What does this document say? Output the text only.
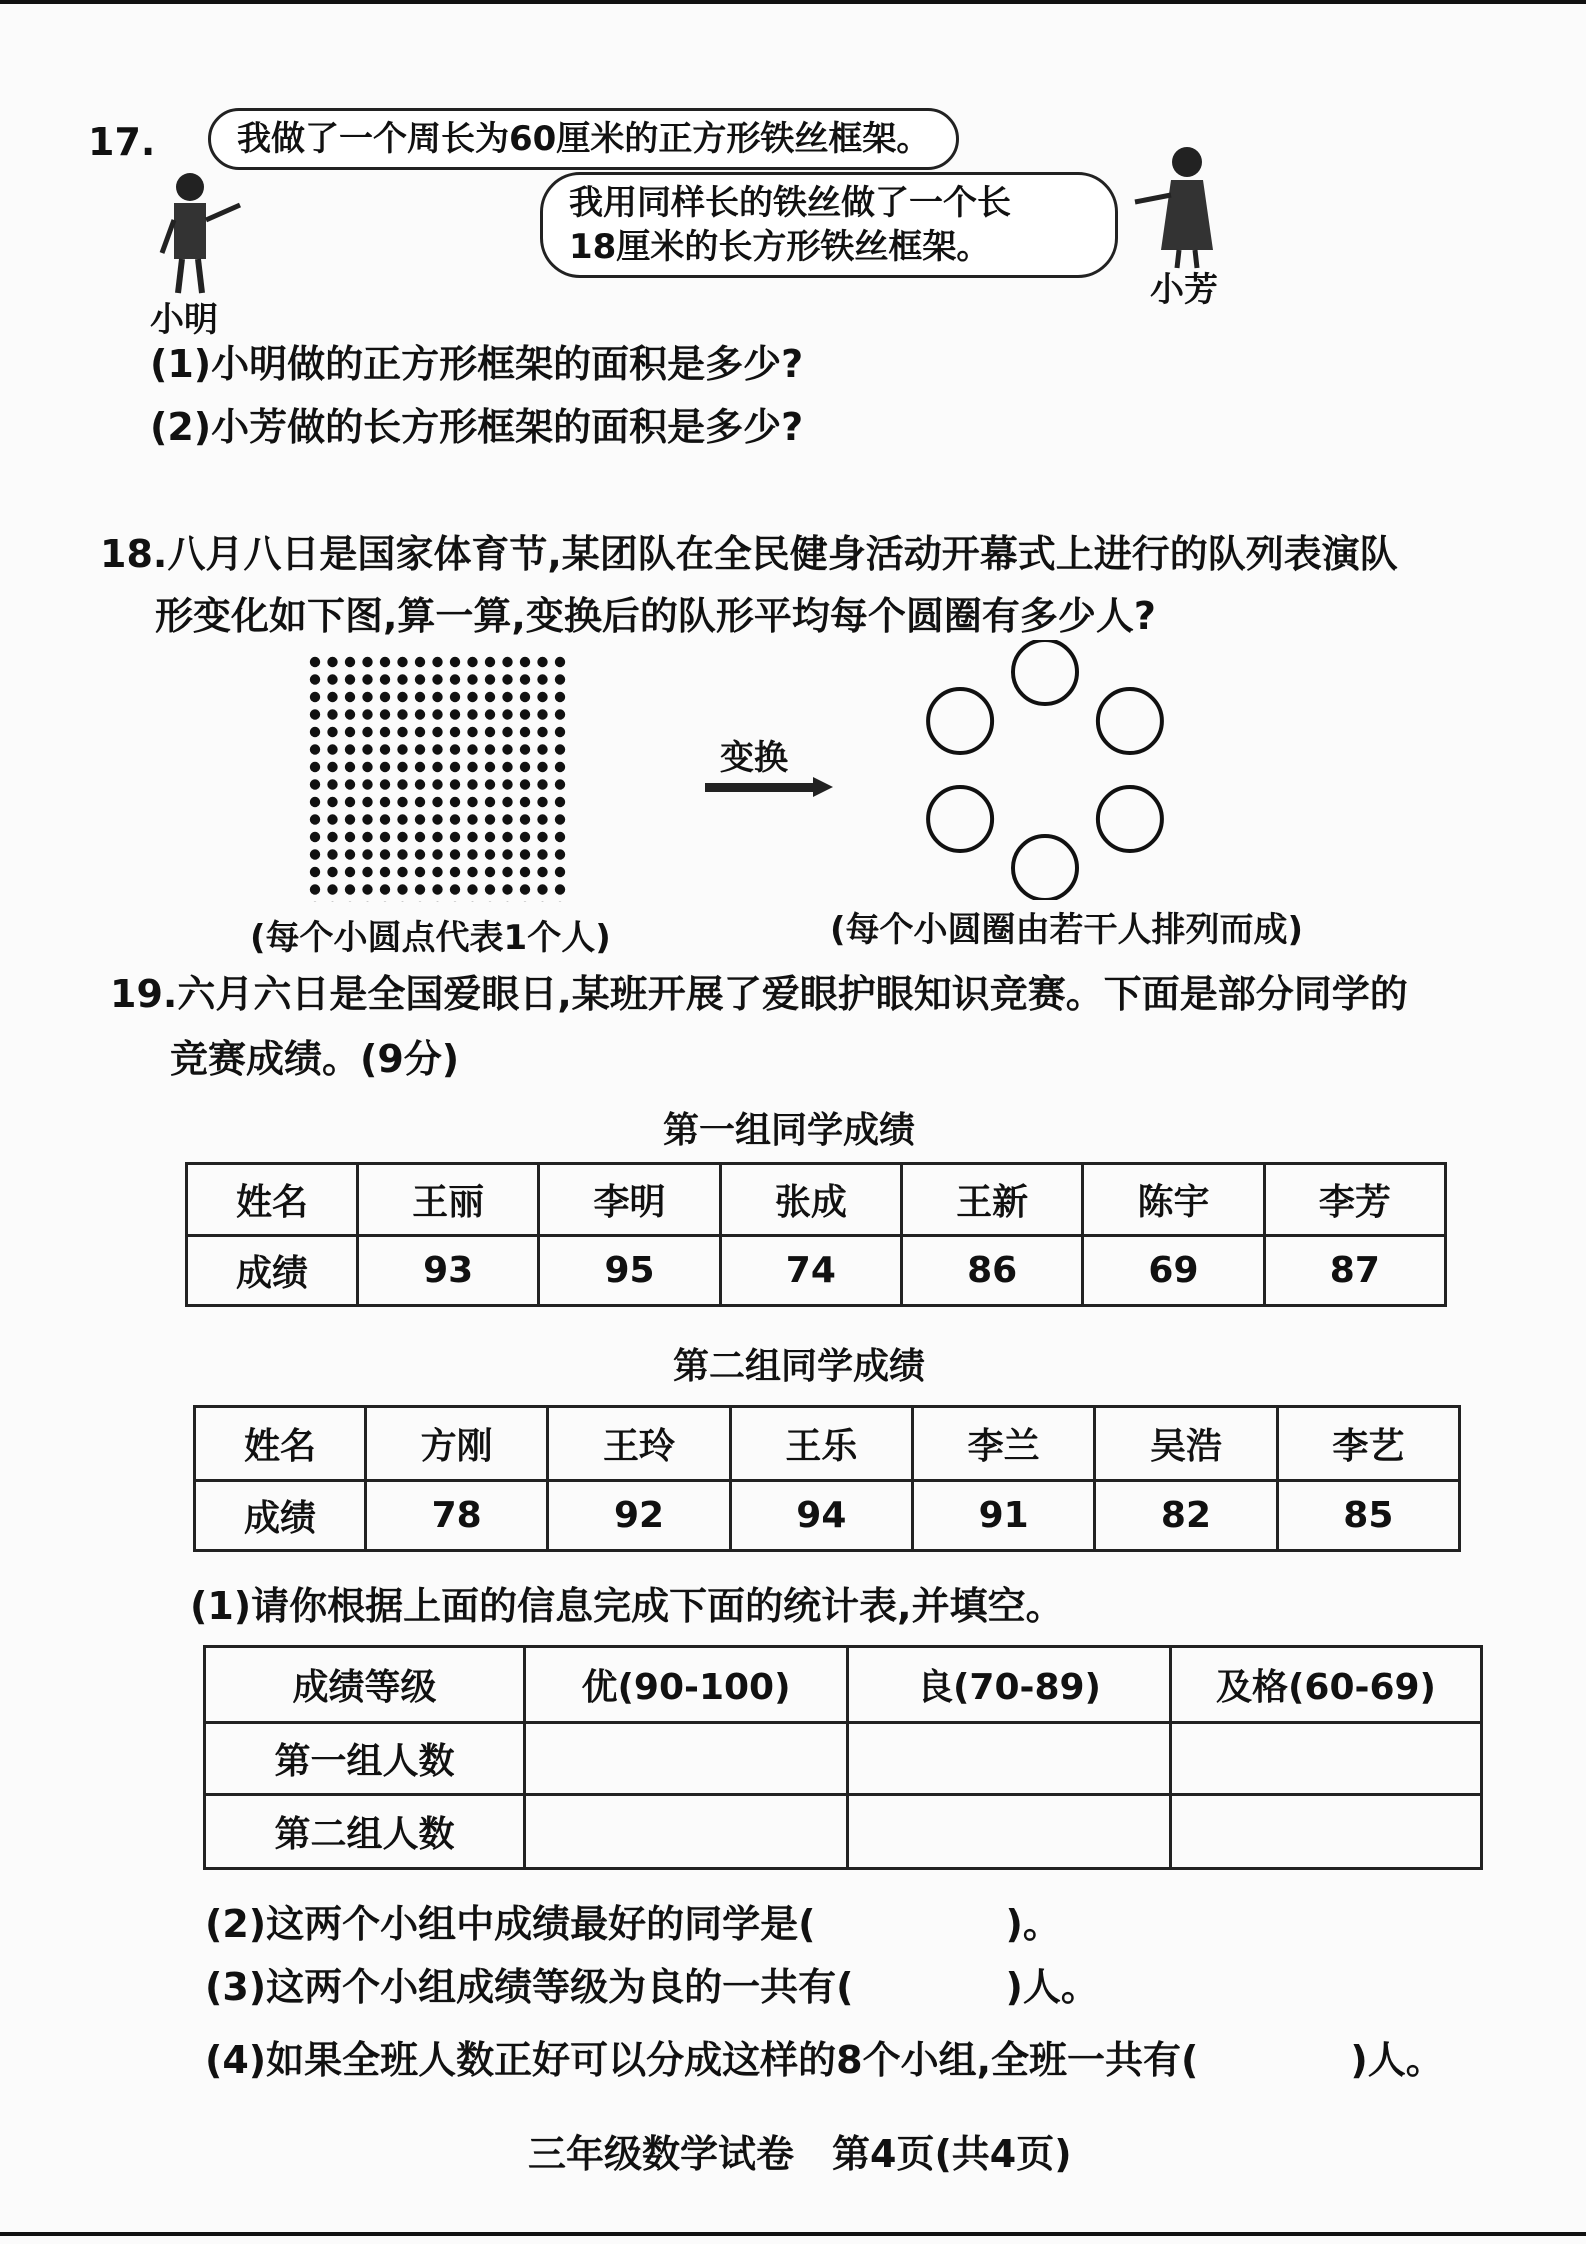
17.
小明
我做了一个周长为60厘米的正方形铁丝框架。
我用同样长的铁丝做了一个长
18厘米的长方形铁丝框架。
小芳
(1)小明做的正方形框架的面积是多少?
(2)小芳做的长方形框架的面积是多少?
18.八月八日是国家体育节,某团队在全民健身活动开幕式上进行的队列表演队
形变化如下图,算一算,变换后的队形平均每个圆圈有多少人?
变换
(每个小圆点代表1个人)	(每个小圆圈由若干人排列而成)
19.六月六日是全国爱眼日,某班开展了爱眼护眼知识竞赛。下面是部分同学的
竞赛成绩。(9分)
第一组同学成绩
姓名	王丽	李明	张成	王新	陈宇	李芳
成绩	93	95	74	86	69	87
第二组同学成绩
姓名	方刚	王玲	王乐	李兰	吴浩	李艺
成绩	78	92	94	91	82	85
(1)请你根据上面的信息完成下面的统计表,并填空。
成绩等级	优(90-100)	良(70-89)	及格(60-69)
第一组人数			
第二组人数			
(2)这两个小组中成绩最好的同学是(　　　　　)。
(3)这两个小组成绩等级为良的一共有(　　　　)人。
(4)如果全班人数正好可以分成这样的8个小组,全班一共有(　　　　)人。
三年级数学试卷　第4页(共4页)
